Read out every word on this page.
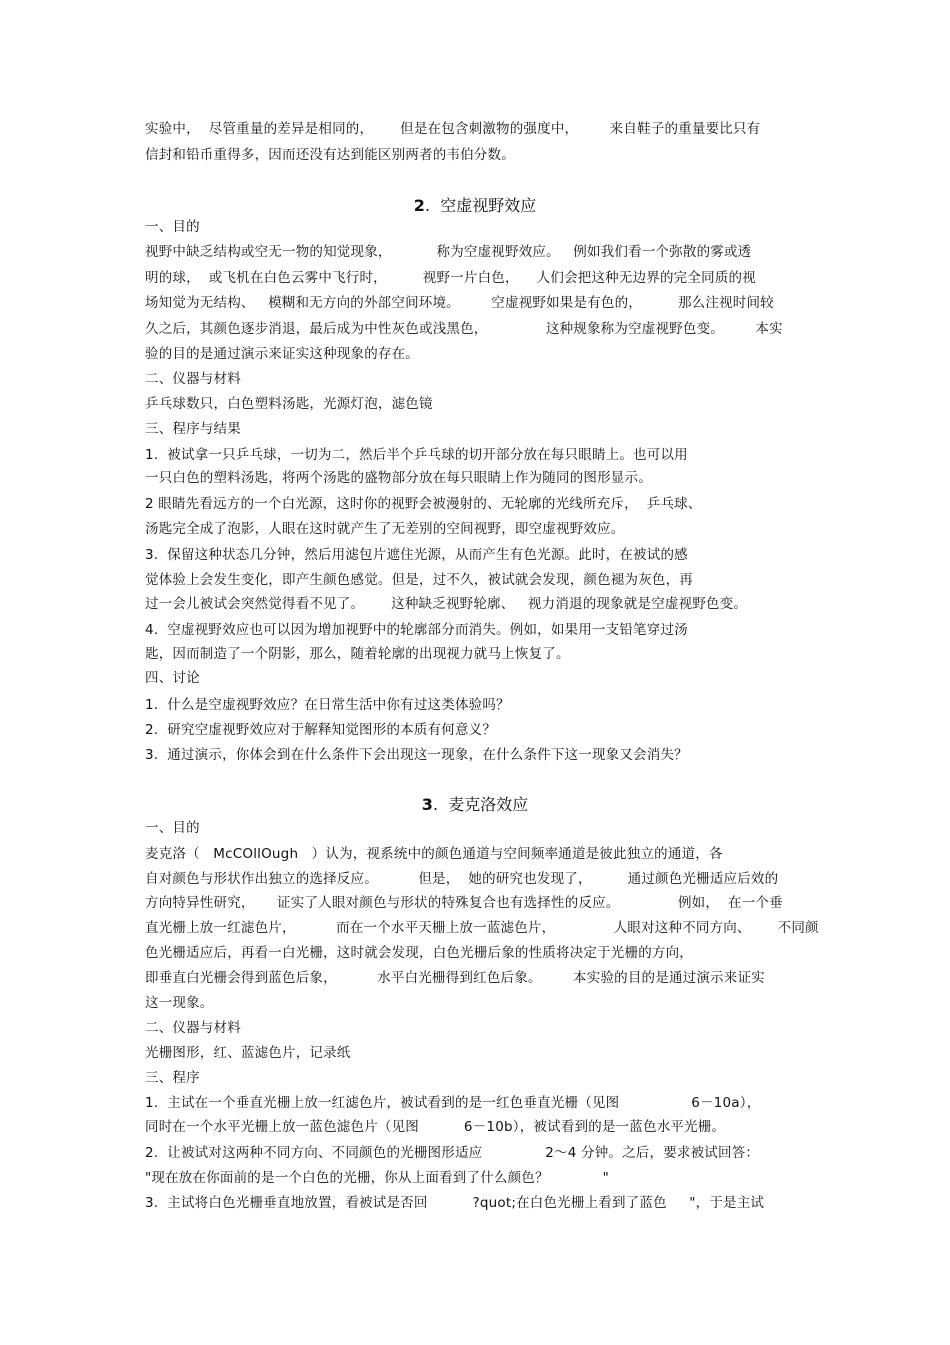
实验中，  尽管重量的差异是相同的，      但是在包含刺激物的强度中，       来自鞋子的重量要比只有
信封和铅币重得多，因而还没有达到能区别两者的韦伯分数。
2.  空虚视野效应
一、目的
视野中缺乏结构或空无一物的知觉现象，          称为空虚视野效应。   例如我们看一个弥散的雾或透
明的球，  或飞机在白色云雾中飞行时，        视野一片白色，    人们会把这种无边界的完全同质的视
场知觉为无结构、   模糊和无方向的外部空间环境。       空虚视野如果是有色的，        那么注视时间较
久之后，其颜色逐步消退，最后成为中性灰色或浅黑色，             这种规象称为空虚视野色变。       本实
验的目的是通过演示来证实这种现象的存在。
二、仪器与材料
乒乓球数只，白色塑料汤匙，光源灯泡，滤色镜
三、程序与结果
1.  被试拿一只乒乓球，一切为二，然后半个乒乓球的切开部分放在每只眼睛上。也可以用
一只白色的塑料汤匙，将两个汤匙的盛物部分放在每只眼睛上作为随同的图形显示。
2 眼睛先看远方的一个白光源，这时你的视野会被漫射的、无轮廓的光线所充斥，  乒乓球、
汤匙完全成了泡影，人眼在这时就产生了无差别的空间视野，即空虚视野效应。
3.  保留这种状态几分钟，然后用滤包片遮住光源，从而产生有色光源。此时，在被试的感
觉体验上会发生变化，即产生颜色感觉。但是，过不久，被试就会发现，颜色褪为灰色，再
过一会儿被试会突然觉得看不见了。      这种缺乏视野轮廓、   视力消退的现象就是空虚视野色变。
4.  空虚视野效应也可以因为增加视野中的轮廓部分而消失。例如，如果用一支铅笔穿过汤
匙，因而制造了一个阴影，那么，随着轮廓的出现视力就马上恢复了。
四、讨论
1.  什么是空虚视野效应？在日常生活中你有过这类体验吗？
2.  研究空虚视野效应对于解释知觉图形的本质有何意义？
3.  通过演示，你体会到在什么条件下会出现这一现象，在什么条件下这一现象又会消失？
3.  麦克洛效应
一、目的
麦克洛（   McCOllOugh   ）认为，视系统中的颜色通道与空间频率通道是彼此独立的通道，各
自对颜色与形状作出独立的选择反应。         但是，  她的研究也发现了，        通过颜色光栅适应后效的
方向特异性研究，     证实了人眼对颜色与形状的特殊复合也有选择性的反应。             例如，  在一个垂
直光栅上放一红滤色片，         而在一个水平天栅上放一蓝滤色片，             人眼对这种不同方向、      不同颜
色光栅适应后，再看一白光栅，这时就会发现，白色光栅后象的性质将决定于光栅的方向，
即垂直白光栅会得到蓝色后象，         水平白光栅得到红色后象。       本实验的目的是通过演示来证实
这一现象。
二、仪器与材料
光栅图形，红、蓝滤色片，记录纸
三、程序
1.  主试在一个垂直光栅上放一红滤色片，被试看到的是一红色垂直光栅（见图                6－10a），
同时在一个水平光栅上放一蓝色滤色片（见图          6－10b），被试看到的是一蓝色水平光栅。
2.  让被试对这两种不同方向、不同颜色的光栅图形适应              2～4 分钟。之后，要求被试回答：
"现在放在你面前的是一个白色的光栅，你从上面看到了什么颜色？            "
3.  主试将白色光栅垂直地放置，看被试是否回          ?quot;在白色光栅上看到了蓝色     "，于是主试
